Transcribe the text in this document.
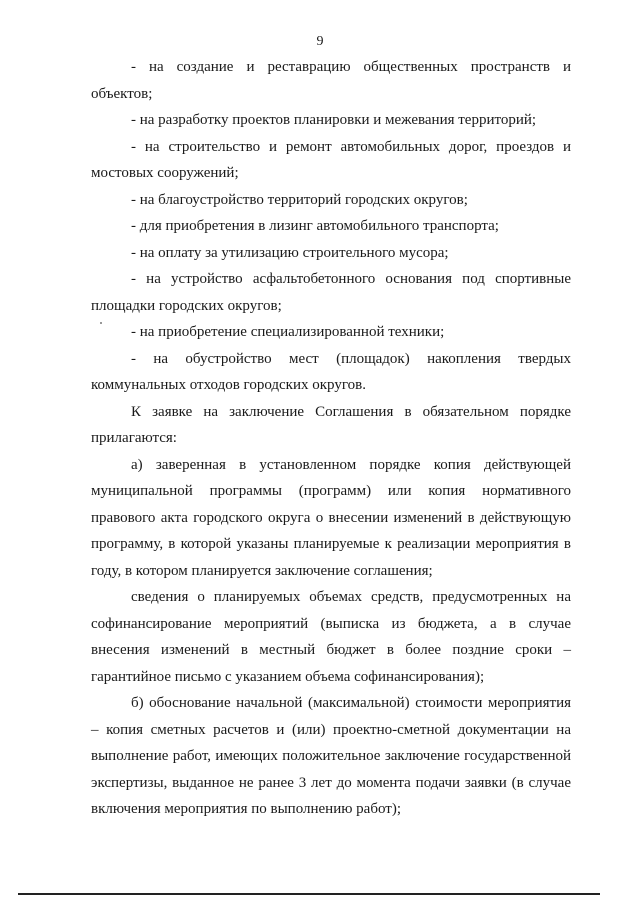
9

- на создание и реставрацию общественных пространств и объектов;

- на разработку проектов планировки и межевания территорий;

- на строительство и ремонт автомобильных дорог, проездов и мостовых сооружений;

- на благоустройство территорий городских округов;

- для приобретения в лизинг автомобильного транспорта;

- на оплату за утилизацию строительного мусора;

- на устройство асфальтобетонного основания под спортивные площадки городских округов;

- на приобретение специализированной техники;

- на обустройство мест (площадок) накопления твердых коммунальных отходов городских округов.

К заявке на заключение Соглашения в обязательном порядке прилагаются:

а) заверенная в установленном порядке копия действующей муниципальной программы (программ) или копия нормативного правового акта городского округа о внесении изменений в действующую программу, в которой указаны планируемые к реализации мероприятия в году, в котором планируется заключение соглашения;

сведения о планируемых объемах средств, предусмотренных на софинансирование мероприятий (выписка из бюджета, а в случае внесения изменений в местный бюджет в более поздние сроки – гарантийное письмо с указанием объема софинансирования);

б) обоснование начальной (максимальной) стоимости мероприятия – копия сметных расчетов и (или) проектно-сметной документации на выполнение работ, имеющих положительное заключение государственной экспертизы, выданное не ранее 3 лет до момента подачи заявки (в случае включения мероприятия по выполнению работ);
